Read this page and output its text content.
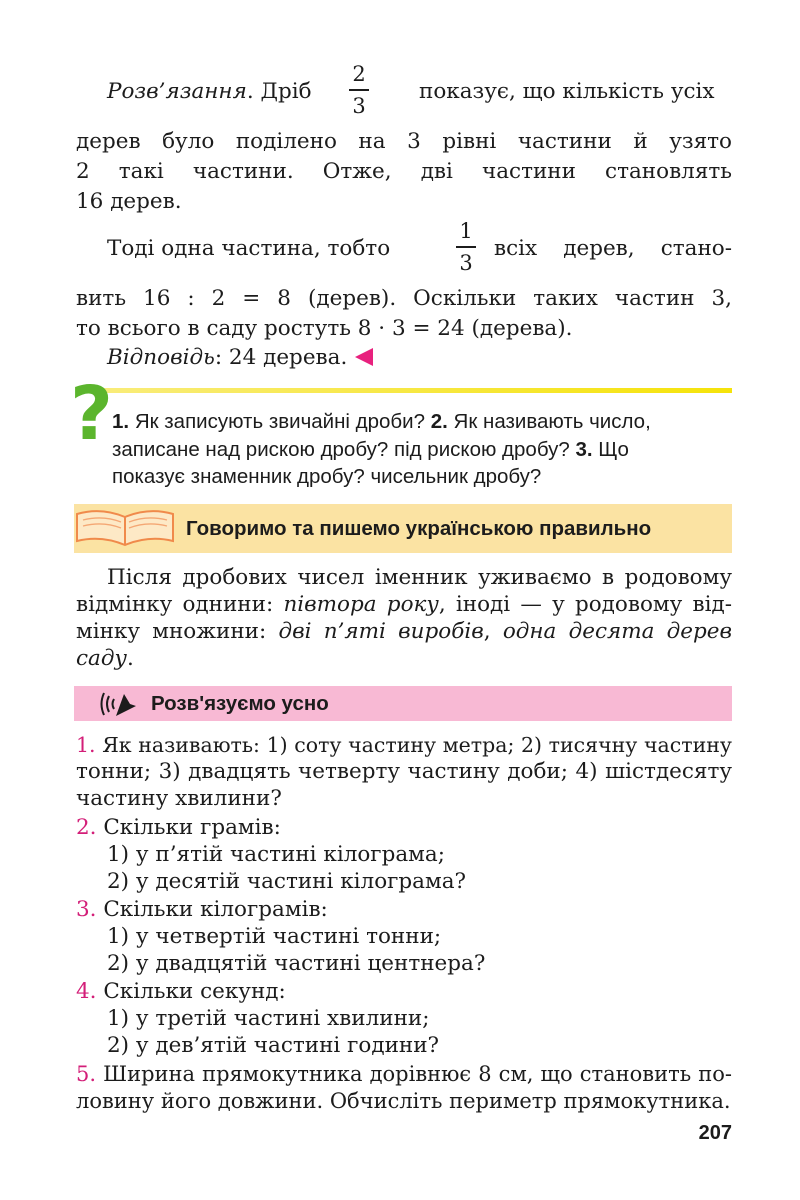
Розв’язання. Дріб	показує, що кількість усіх
2
3
дерев було поділено на 3 рівні частини й узято
2 такі частини. Отже, дві частини становлять
16 дерев.
Тоді одна частина, тобто
1
3
всіх дерев, стано-
вить 16 : 2 = 8 (дерев). Оскільки таких частин 3,
то всього в саду ростуть 8 · 3 = 24 (дерева).
Відповідь: 24 дерева.
? 1. Як записують звичайні дроби? 2. Як називають число,
записане над рискою дробу? під рискою дробу? 3. Що
показує знаменник дробу? чисельник дробу?
Говоримо та пишемо українською правильно
Після дробових чисел іменник уживаємо в родовому
відмінку однини: півтора року, іноді — у родовому від-
мінку множини: дві п’яті виробів, одна десята дерев
саду.
Розв'язуємо усно
1. Як називають: 1) соту частину метра; 2) тисячну частину
тонни; 3) двадцять четверту частину доби; 4) шістдесяту
частину хвилини?
2. Скільки грамів:
1) у п’ятій частині кілограма;
2) у десятій частині кілограма?
3. Скільки кілограмів:
1) у четвертій частині тонни;
2) у двадцятій частині центнера?
4. Скільки секунд:
1) у третій частині хвилини;
2) у дев’ятій частині години?
5. Ширина прямокутника дорівнює 8 см, що становить по-
ловину його довжини. Обчисліть периметр прямокутника.
207
